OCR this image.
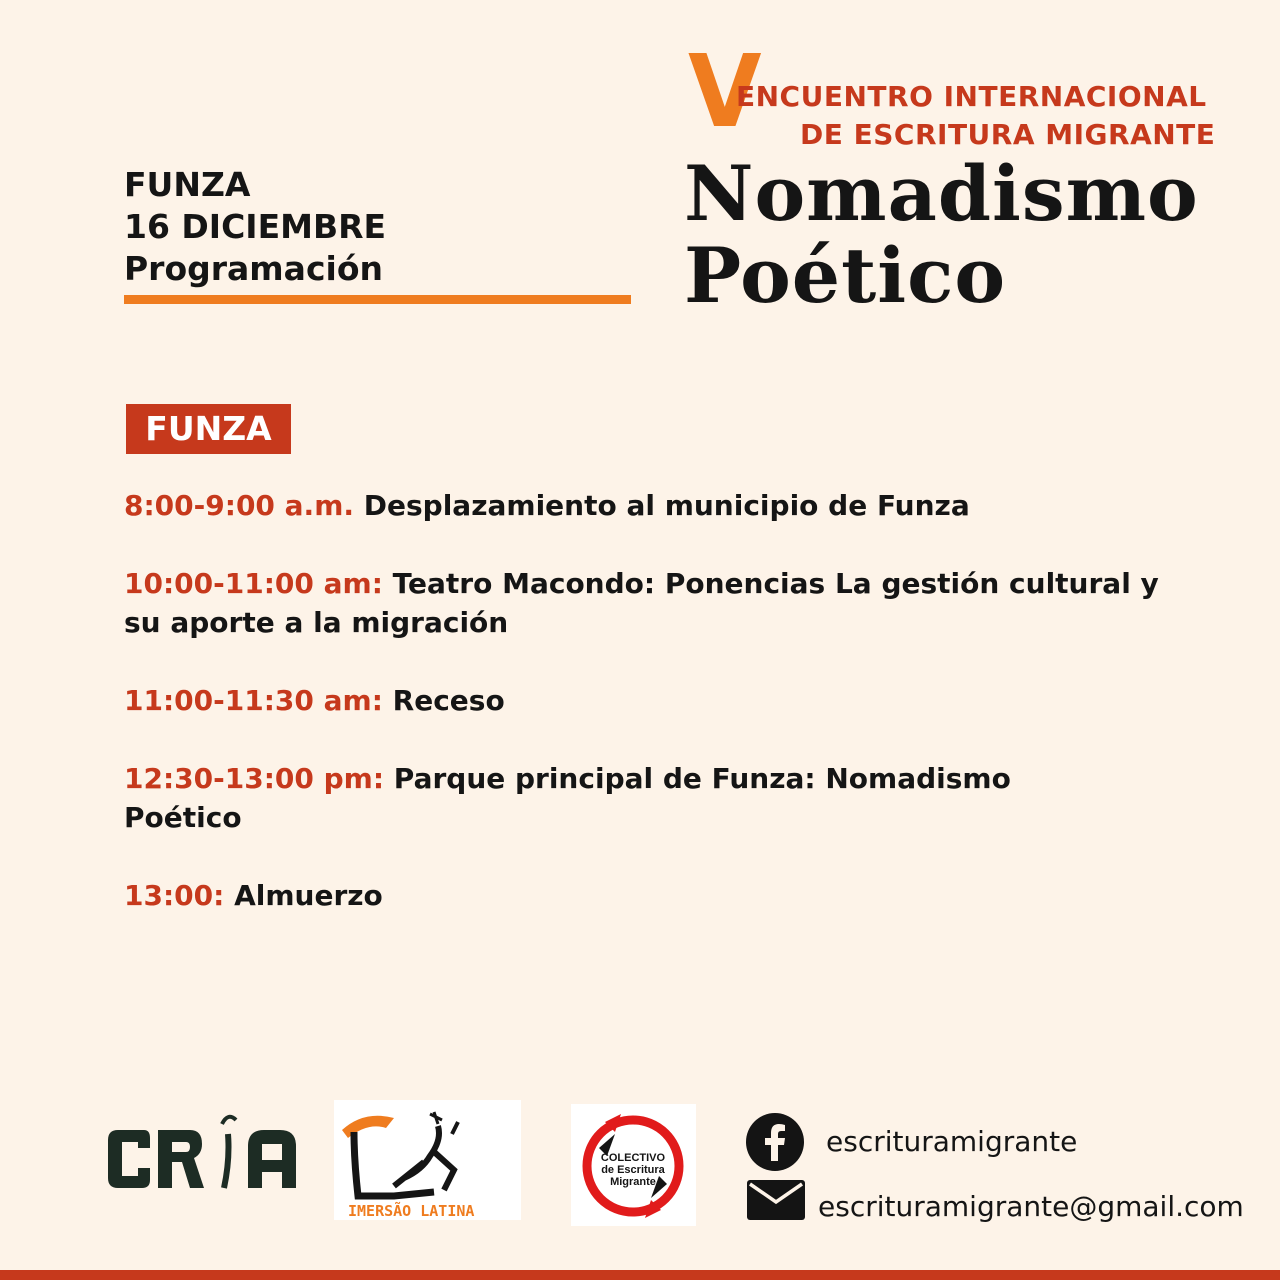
FUNZA
16 DICIEMBRE
Programación
V
ENCUENTRO INTERNACIONAL
DE ESCRITURA MIGRANTE
Nomadismo
Poético
FUNZA
8:00-9:00 a.m. Desplazamiento al municipio de Funza
10:00-11:00 am: Teatro Macondo: Ponencias La gestión cultural y su aporte a la migración
11:00-11:30 am: Receso
12:30-13:00 pm: Parque principal de Funza: Nomadismo Poético
13:00: Almuerzo
CRIA
IMERSÃO LATINA
COLECTIVO
de Escritura
Migrante
escrituramigrante
escrituramigrante@gmail.com
